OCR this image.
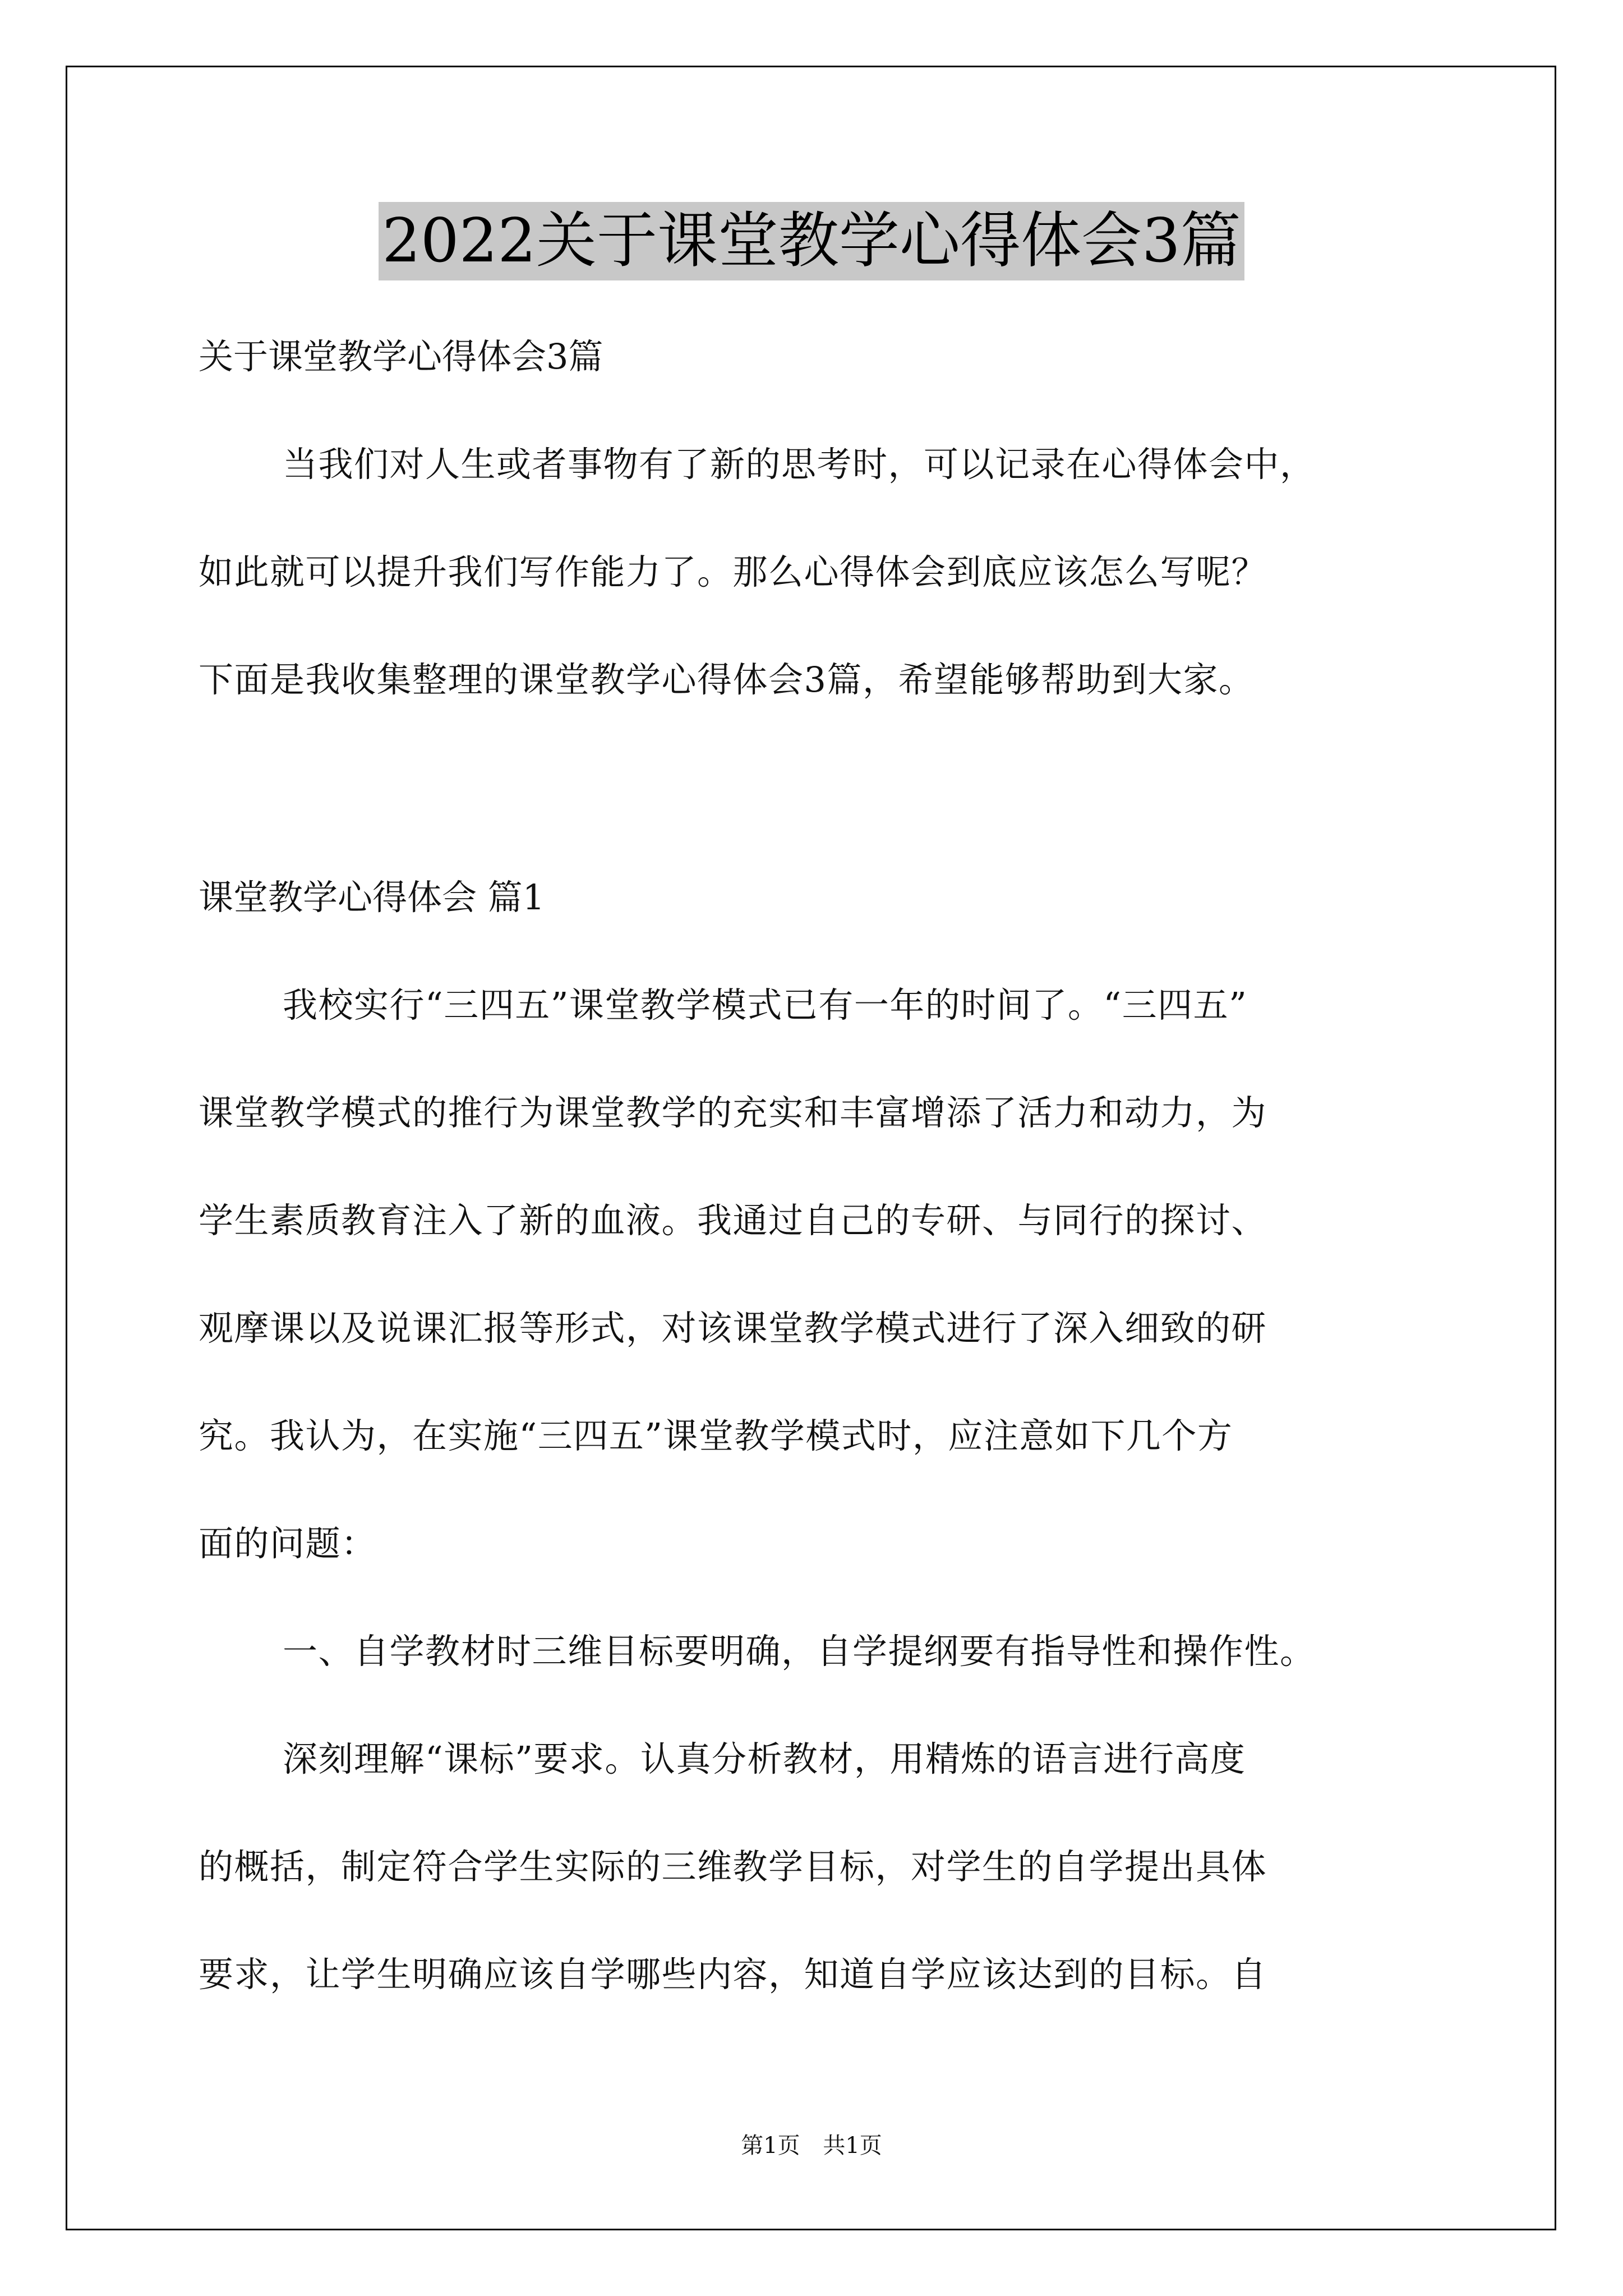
2022关于课堂教学心得体会3篇
关于课堂教学心得体会3篇
当我们对人生或者事物有了新的思考时，可以记录在心得体会中，
如此就可以提升我们写作能力了。那么心得体会到底应该怎么写呢？
下面是我收集整理的课堂教学心得体会3篇，希望能够帮助到大家。
课堂教学心得体会 篇1
我校实行“三四五”课堂教学模式已有一年的时间了。“三四五”
课堂教学模式的推行为课堂教学的充实和丰富增添了活力和动力，为
学生素质教育注入了新的血液。我通过自己的专研、与同行的探讨、
观摩课以及说课汇报等形式，对该课堂教学模式进行了深入细致的研
究。我认为，在实施“三四五”课堂教学模式时，应注意如下几个方
面的问题：
一、自学教材时三维目标要明确，自学提纲要有指导性和操作性。
深刻理解“课标”要求。认真分析教材，用精炼的语言进行高度
的概括，制定符合学生实际的三维教学目标，对学生的自学提出具体
要求，让学生明确应该自学哪些内容，知道自学应该达到的目标。自
第1页 共1页
